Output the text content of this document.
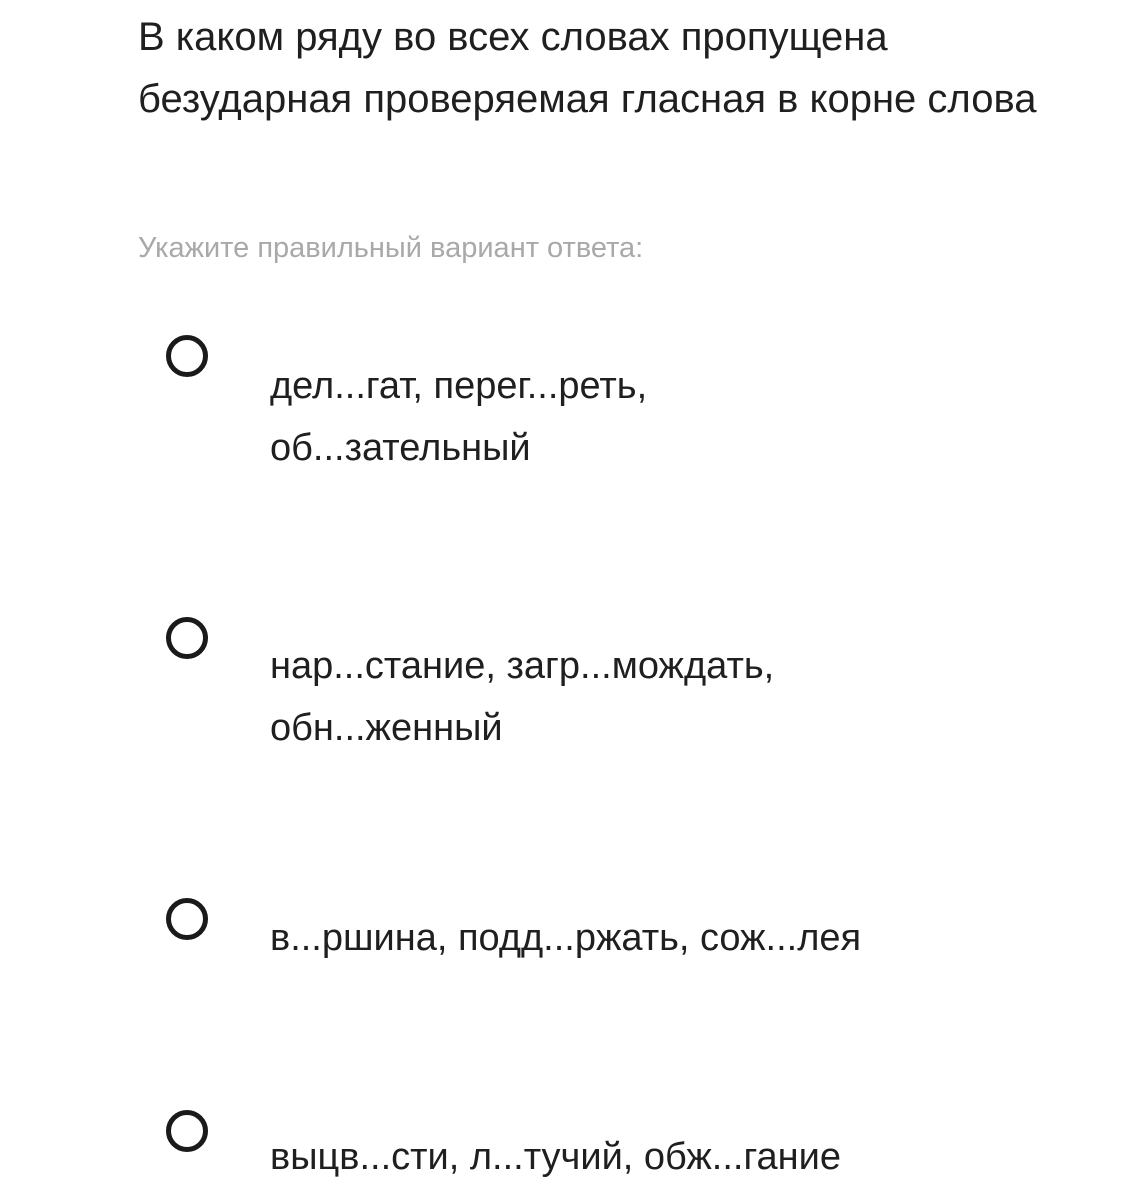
В каком ряду во всех словах пропущена безударная проверяемая гласная в корне слова
Укажите правильный вариант ответа:
дел...гат, перег...реть, об...зательный
нар...стание, загр...мождать, обн...женный
в...ршина, подд...ржать, сож...лея
выцв...сти, л...тучий, обж...гание
